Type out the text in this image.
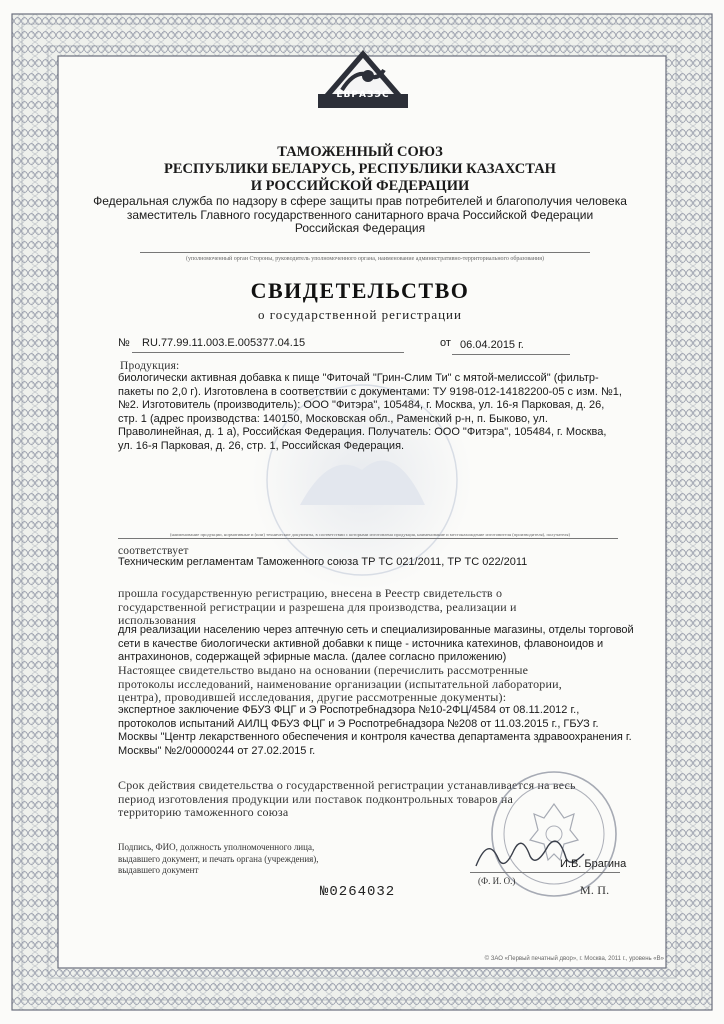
ЕВРАЗЭС
ТАМОЖЕННЫЙ СОЮЗ
РЕСПУБЛИКИ БЕЛАРУСЬ, РЕСПУБЛИКИ КАЗАХСТАН
И РОССИЙСКОЙ ФЕДЕРАЦИИ
Федеральная служба по надзору в сфере защиты прав потребителей и благополучия человека
заместитель Главного государственного санитарного врача Российской Федерации
Российская Федерация
(уполномоченный орган Стороны, руководитель уполномоченного органа, наименование административно-территориального образования)
СВИДЕТЕЛЬСТВО
о государственной регистрации
№ RU.77.99.11.003.Е.005377.04.15	от 06.04.2015 г.
Продукция:
биологически активная добавка к пище "Фиточай "Грин-Слим Ти" с мятой-мелиссой" (фильтр-
пакеты по 2,0 г). Изготовлена в соответствии с документами: ТУ 9198-012-14182200-05 с изм. №1,
№2. Изготовитель (производитель): ООО "Фитэра", 105484, г. Москва, ул. 16-я Парковая, д. 26,
стр. 1 (адрес производства: 140150, Московская обл., Раменский р-н, п. Быково, ул.
Праволинейная, д. 1 а), Российская Федерация. Получатель: ООО "Фитэра", 105484, г. Москва,
ул. 16-я Парковая, д. 26, стр. 1, Российская Федерация.
(наименование продукции, нормативные и (или) технические документы, в соответствии с которыми изготовлена продукция, наименование и местонахождение изготовителя (производителя), получателя)
соответствует
Техническим регламентам Таможенного союза ТР ТС 021/2011, ТР ТС 022/2011
прошла государственную регистрацию, внесена в Реестр свидетельств о
государственной регистрации и разрешена для производства, реализации и
использования
для реализации населению через аптечную сеть и специализированные магазины, отделы торговой
сети в качестве биологически активной добавки к пище - источника катехинов, флавоноидов и
антрахинонов, содержащей эфирные масла. (далее согласно приложению)
Настоящее свидетельство выдано на основании (перечислить рассмотренные
протоколы исследований, наименование организации (испытательной лаборатории,
центра), проводившей исследования, другие рассмотренные документы):
экспертное заключение ФБУЗ ФЦГ и Э Роспотребнадзора №10-2ФЦ/4584 от 08.11.2012 г.,
протоколов испытаний АИЛЦ ФБУЗ ФЦГ и Э Роспотребнадзора №208 от 11.03.2015 г., ГБУЗ г.
Москвы "Центр лекарственного обеспечения и контроля качества департамента здравоохранения г.
Москвы" №2/00000244 от 27.02.2015 г.
Срок действия свидетельства о государственной регистрации устанавливается на весь
период изготовления продукции или поставок подконтрольных товаров на
территорию таможенного союза
Подпись, ФИО, должность уполномоченного лица,
выдавшего документ, и печать органа (учреждения),
выдавшего документ	И.В. Брагина
(Ф. И. О.)
М. П.
№0264032
© ЗАО «Первый печатный двор», г. Москва, 2011 г., уровень «В»
